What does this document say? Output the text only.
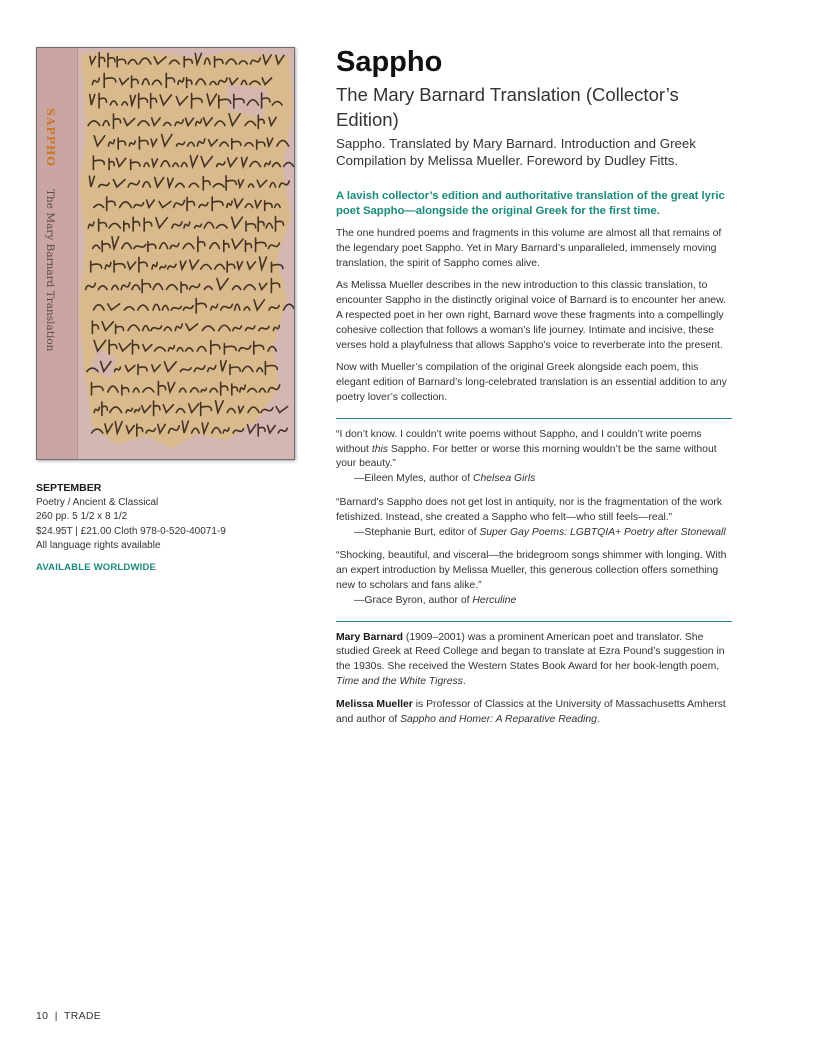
SAPPHO
The Mary Barnard Translation
SEPTEMBER
Poetry / Ancient & Classical
260 pp. 5 1/2 x 8 1/2
$24.95T | £21.00 Cloth 978-0-520-40071-9
All language rights available
AVAILABLE WORLDWIDE
Sappho
The Mary Barnard Translation (Collector’s Edition)

Sappho. Translated by Mary Barnard. Introduction and Greek Compilation by Melissa Mueller. Foreword by Dudley Fitts.

A lavish collector’s edition and authoritative translation of the great lyric poet Sappho—alongside the original Greek for the first time.

The one hundred poems and fragments in this volume are almost all that remains of the legendary poet Sappho. Yet in Mary Barnard’s unparalleled, immensely moving translation, the spirit of Sappho comes alive.

As Melissa Mueller describes in the new introduction to this classic translation, to encounter Sappho in the distinctly original voice of Barnard is to encounter her anew. A respected poet in her own right, Barnard wove these fragments into a compellingly cohesive collection that follows a woman’s life journey. Intimate and incisive, these verses hold a playfulness that allows Sappho’s voice to reverberate into the present.

Now with Mueller’s compilation of the original Greek alongside each poem, this elegant edition of Barnard’s long-celebrated translation is an essential addition to any poetry lover’s collection.

“I don’t know. I couldn’t write poems without Sappho, and I couldn’t write poems without this Sappho. For better or worse this morning wouldn’t be the same without your beauty.”
—Eileen Myles, author of Chelsea Girls

“Barnard’s Sappho does not get lost in antiquity, nor is the fragmentation of the work fetishized. Instead, she created a Sappho who felt—who still feels—real.”
—Stephanie Burt, editor of Super Gay Poems: LGBTQIA+ Poetry after Stonewall

“Shocking, beautiful, and visceral—the bridegroom songs shimmer with longing. With an expert introduction by Melissa Mueller, this generous collection offers something new to scholars and fans alike.”
—Grace Byron, author of Herculine

Mary Barnard (1909–2001) was a prominent American poet and translator. She studied Greek at Reed College and began to translate at Ezra Pound’s suggestion in the 1930s. She received the Western States Book Award for her book-length poem, Time and the White Tigress.

Melissa Mueller is Professor of Classics at the University of Massachusetts Amherst and author of Sappho and Homer: A Reparative Reading.

10 | TRADE
